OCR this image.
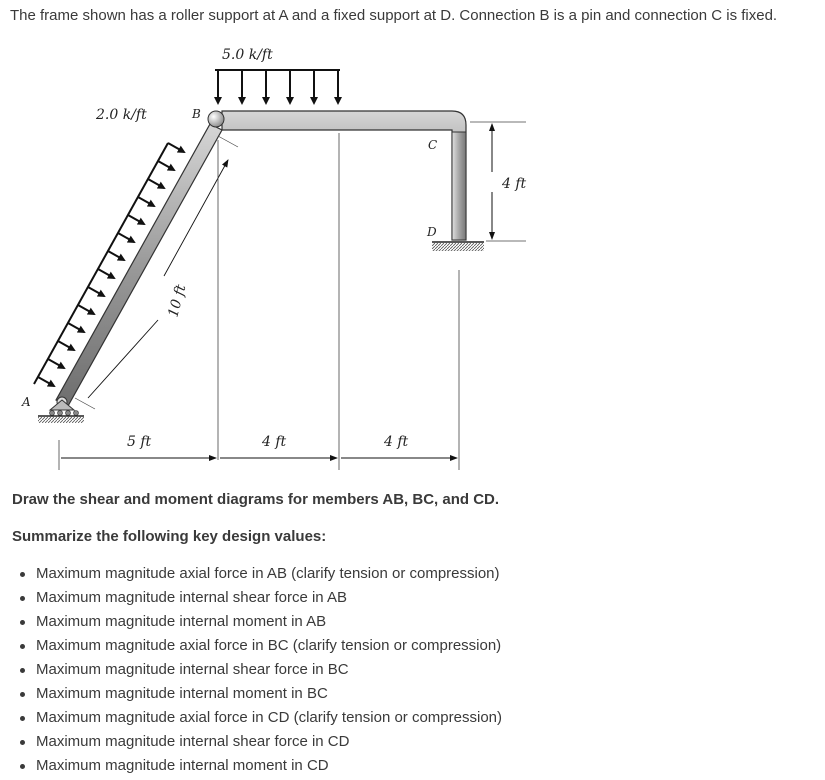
The frame shown has a roller support at A and a fixed support at D. Connection B is a pin and connection C is fixed.
5.0 k/ft
C
D
4 ft
B
2.0 k/ft
A
10 ft
5 ft	4 ft	4 ft
Draw the shear and moment diagrams for members AB, BC, and CD.
Summarize the following key design values:
Maximum magnitude axial force in AB (clarify tension or compression)
Maximum magnitude internal shear force in AB
Maximum magnitude internal moment in AB
Maximum magnitude axial force in BC (clarify tension or compression)
Maximum magnitude internal shear force in BC
Maximum magnitude internal moment in BC
Maximum magnitude axial force in CD (clarify tension or compression)
Maximum magnitude internal shear force in CD
Maximum magnitude internal moment in CD
